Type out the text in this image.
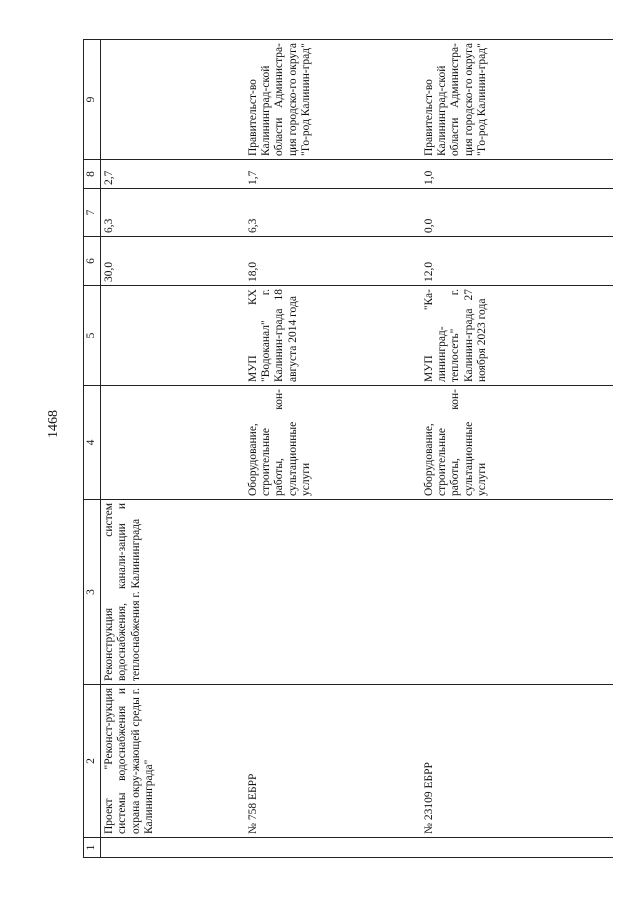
1468
1	2	3	4	5	6	7	8	9
	Проект "Реконст-рукция системы водоснабжения и охрана окру-жающей среды г. Калининграда"	Реконструкция систем водоснабжения, канали-зации и теплоснабжения г. Калининграда			30,0	6,3	2,7	
	№ 758 ЕБРР		Оборудование, строительные работы, кон-сультационные услуги	МУП КХ "Водоканал" г. Калинин-града 18 августа 2014 года	18,0	6,3	1,7	Правительст-во Калининград-ской области Администра-ция городско-го округа "Го-род Калинин-град"
	№ 23109 ЕБРР		Оборудование, строительные работы, кон-сультационные услуги	МУП "Ка-лининград-теплосеть" г. Калинин-града 27 ноября 2023 года	12,0	0,0	1,0	Правительст-во Калининград-ской области Администра-ция городско-го округа "Го-род Калинин-град"
